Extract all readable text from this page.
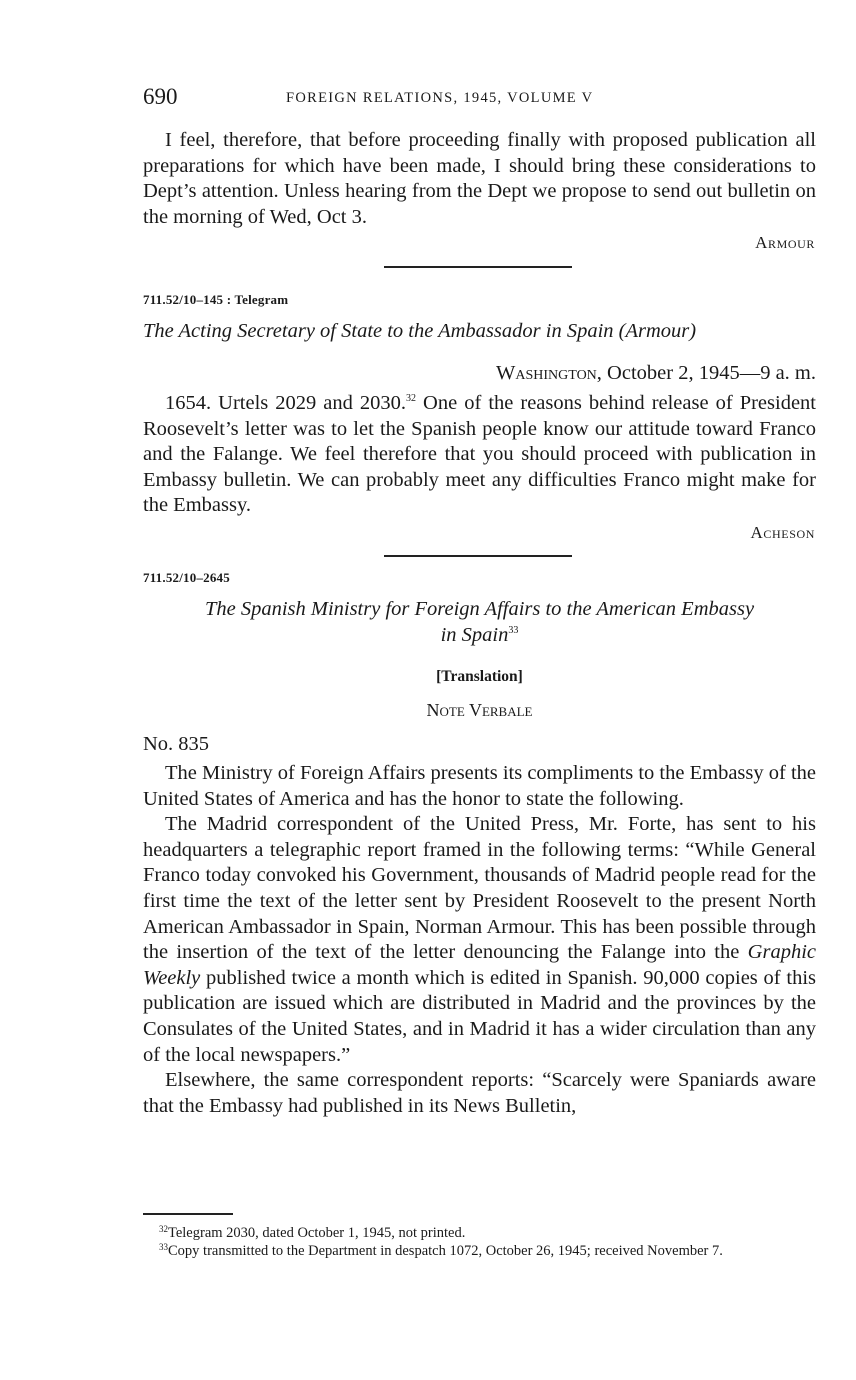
690	FOREIGN RELATIONS, 1945, VOLUME V

I feel, therefore, that before proceeding finally with proposed publication all preparations for which have been made, I should bring these considerations to Dept’s attention. Unless hearing from the Dept we propose to send out bulletin on the morning of Wed, Oct 3.

Armour
711.52/10–145 : Telegram
The Acting Secretary of State to the Ambassador in Spain (Armour)
Washington, October 2, 1945—9 a. m.

1654. Urtels 2029 and 2030.32 One of the reasons behind release of President Roosevelt’s letter was to let the Spanish people know our attitude toward Franco and the Falange. We feel therefore that you should proceed with publication in Embassy bulletin. We can probably meet any difficulties Franco might make for the Embassy.

Acheson
711.52/10–2645
The Spanish Ministry for Foreign Affairs to the American Embassy
in Spain$^{33}$
[Translation]
Note Verbale
No. 835

The Ministry of Foreign Affairs presents its compliments to the Embassy of the United States of America and has the honor to state the following.

The Madrid correspondent of the United Press, Mr. Forte, has sent to his headquarters a telegraphic report framed in the following terms: “While General Franco today convoked his Government, thousands of Madrid people read for the first time the text of the letter sent by President Roosevelt to the present North American Ambassador in Spain, Norman Armour. This has been possible through the insertion of the text of the letter denouncing the Falange into the Graphic Weekly published twice a month which is edited in Spanish. 90,000 copies of this publication are issued which are distributed in Madrid and the provinces by the Consulates of the United States, and in Madrid it has a wider circulation than any of the local newspapers.”

Elsewhere, the same correspondent reports: “Scarcely were Spaniards aware that the Embassy had published in its News Bulletin,

$^{32}$Telegram 2030, dated October 1, 1945, not printed.

$^{33}$Copy transmitted to the Department in despatch 1072, October 26, 1945; received November 7.
